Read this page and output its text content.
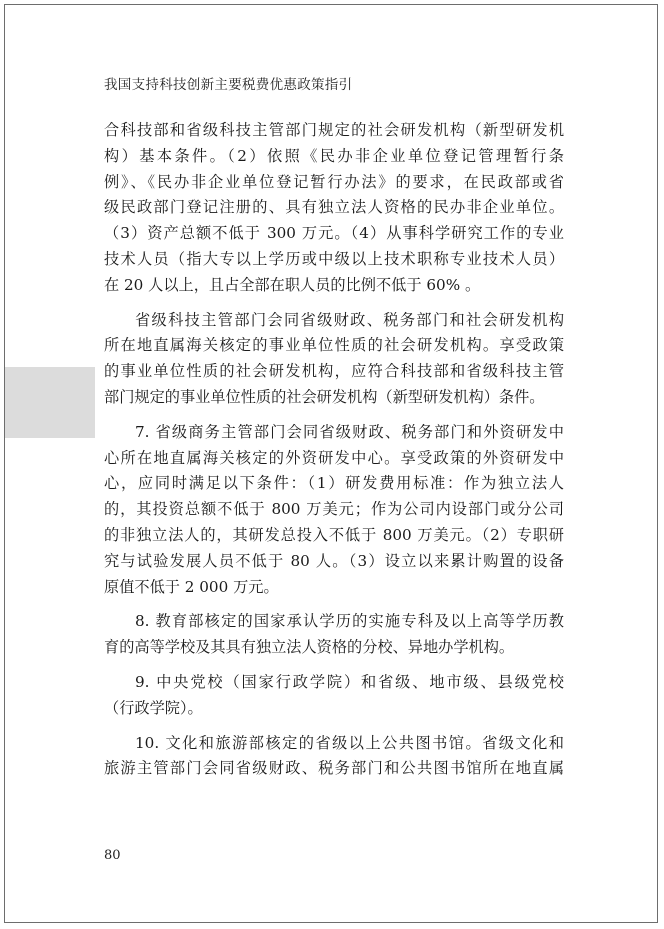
我国支持科技创新主要税费优惠政策指引
合科技部和省级科技主管部门规定的社会研发机构（新型研发机
构）基本条件。（2）依照《民办非企业单位登记管理暂行条
例》、《民办非企业单位登记暂行办法》的要求，在民政部或省
级民政部门登记注册的、具有独立法人资格的民办非企业单位。
（3）资产总额不低于 300 万元。（4）从事科学研究工作的专业
技术人员（指大专以上学历或中级以上技术职称专业技术人员）
在 20 人以上，且占全部在职人员的比例不低于 60% 。
省级科技主管部门会同省级财政、税务部门和社会研发机构
所在地直属海关核定的事业单位性质的社会研发机构。享受政策
的事业单位性质的社会研发机构，应符合科技部和省级科技主管
部门规定的事业单位性质的社会研发机构（新型研发机构）条件。
7. 省级商务主管部门会同省级财政、税务部门和外资研发中
心所在地直属海关核定的外资研发中心。享受政策的外资研发中
心，应同时满足以下条件：（1）研发费用标准：作为独立法人
的，其投资总额不低于 800 万美元；作为公司内设部门或分公司
的非独立法人的，其研发总投入不低于 800 万美元。（2）专职研
究与试验发展人员不低于 80 人。（3）设立以来累计购置的设备
原值不低于 2 000 万元。
8. 教育部核定的国家承认学历的实施专科及以上高等学历教
育的高等学校及其具有独立法人资格的分校、异地办学机构。
9. 中央党校（国家行政学院）和省级、地市级、县级党校
（行政学院）。
10. 文化和旅游部核定的省级以上公共图书馆。省级文化和
旅游主管部门会同省级财政、税务部门和公共图书馆所在地直属
80
